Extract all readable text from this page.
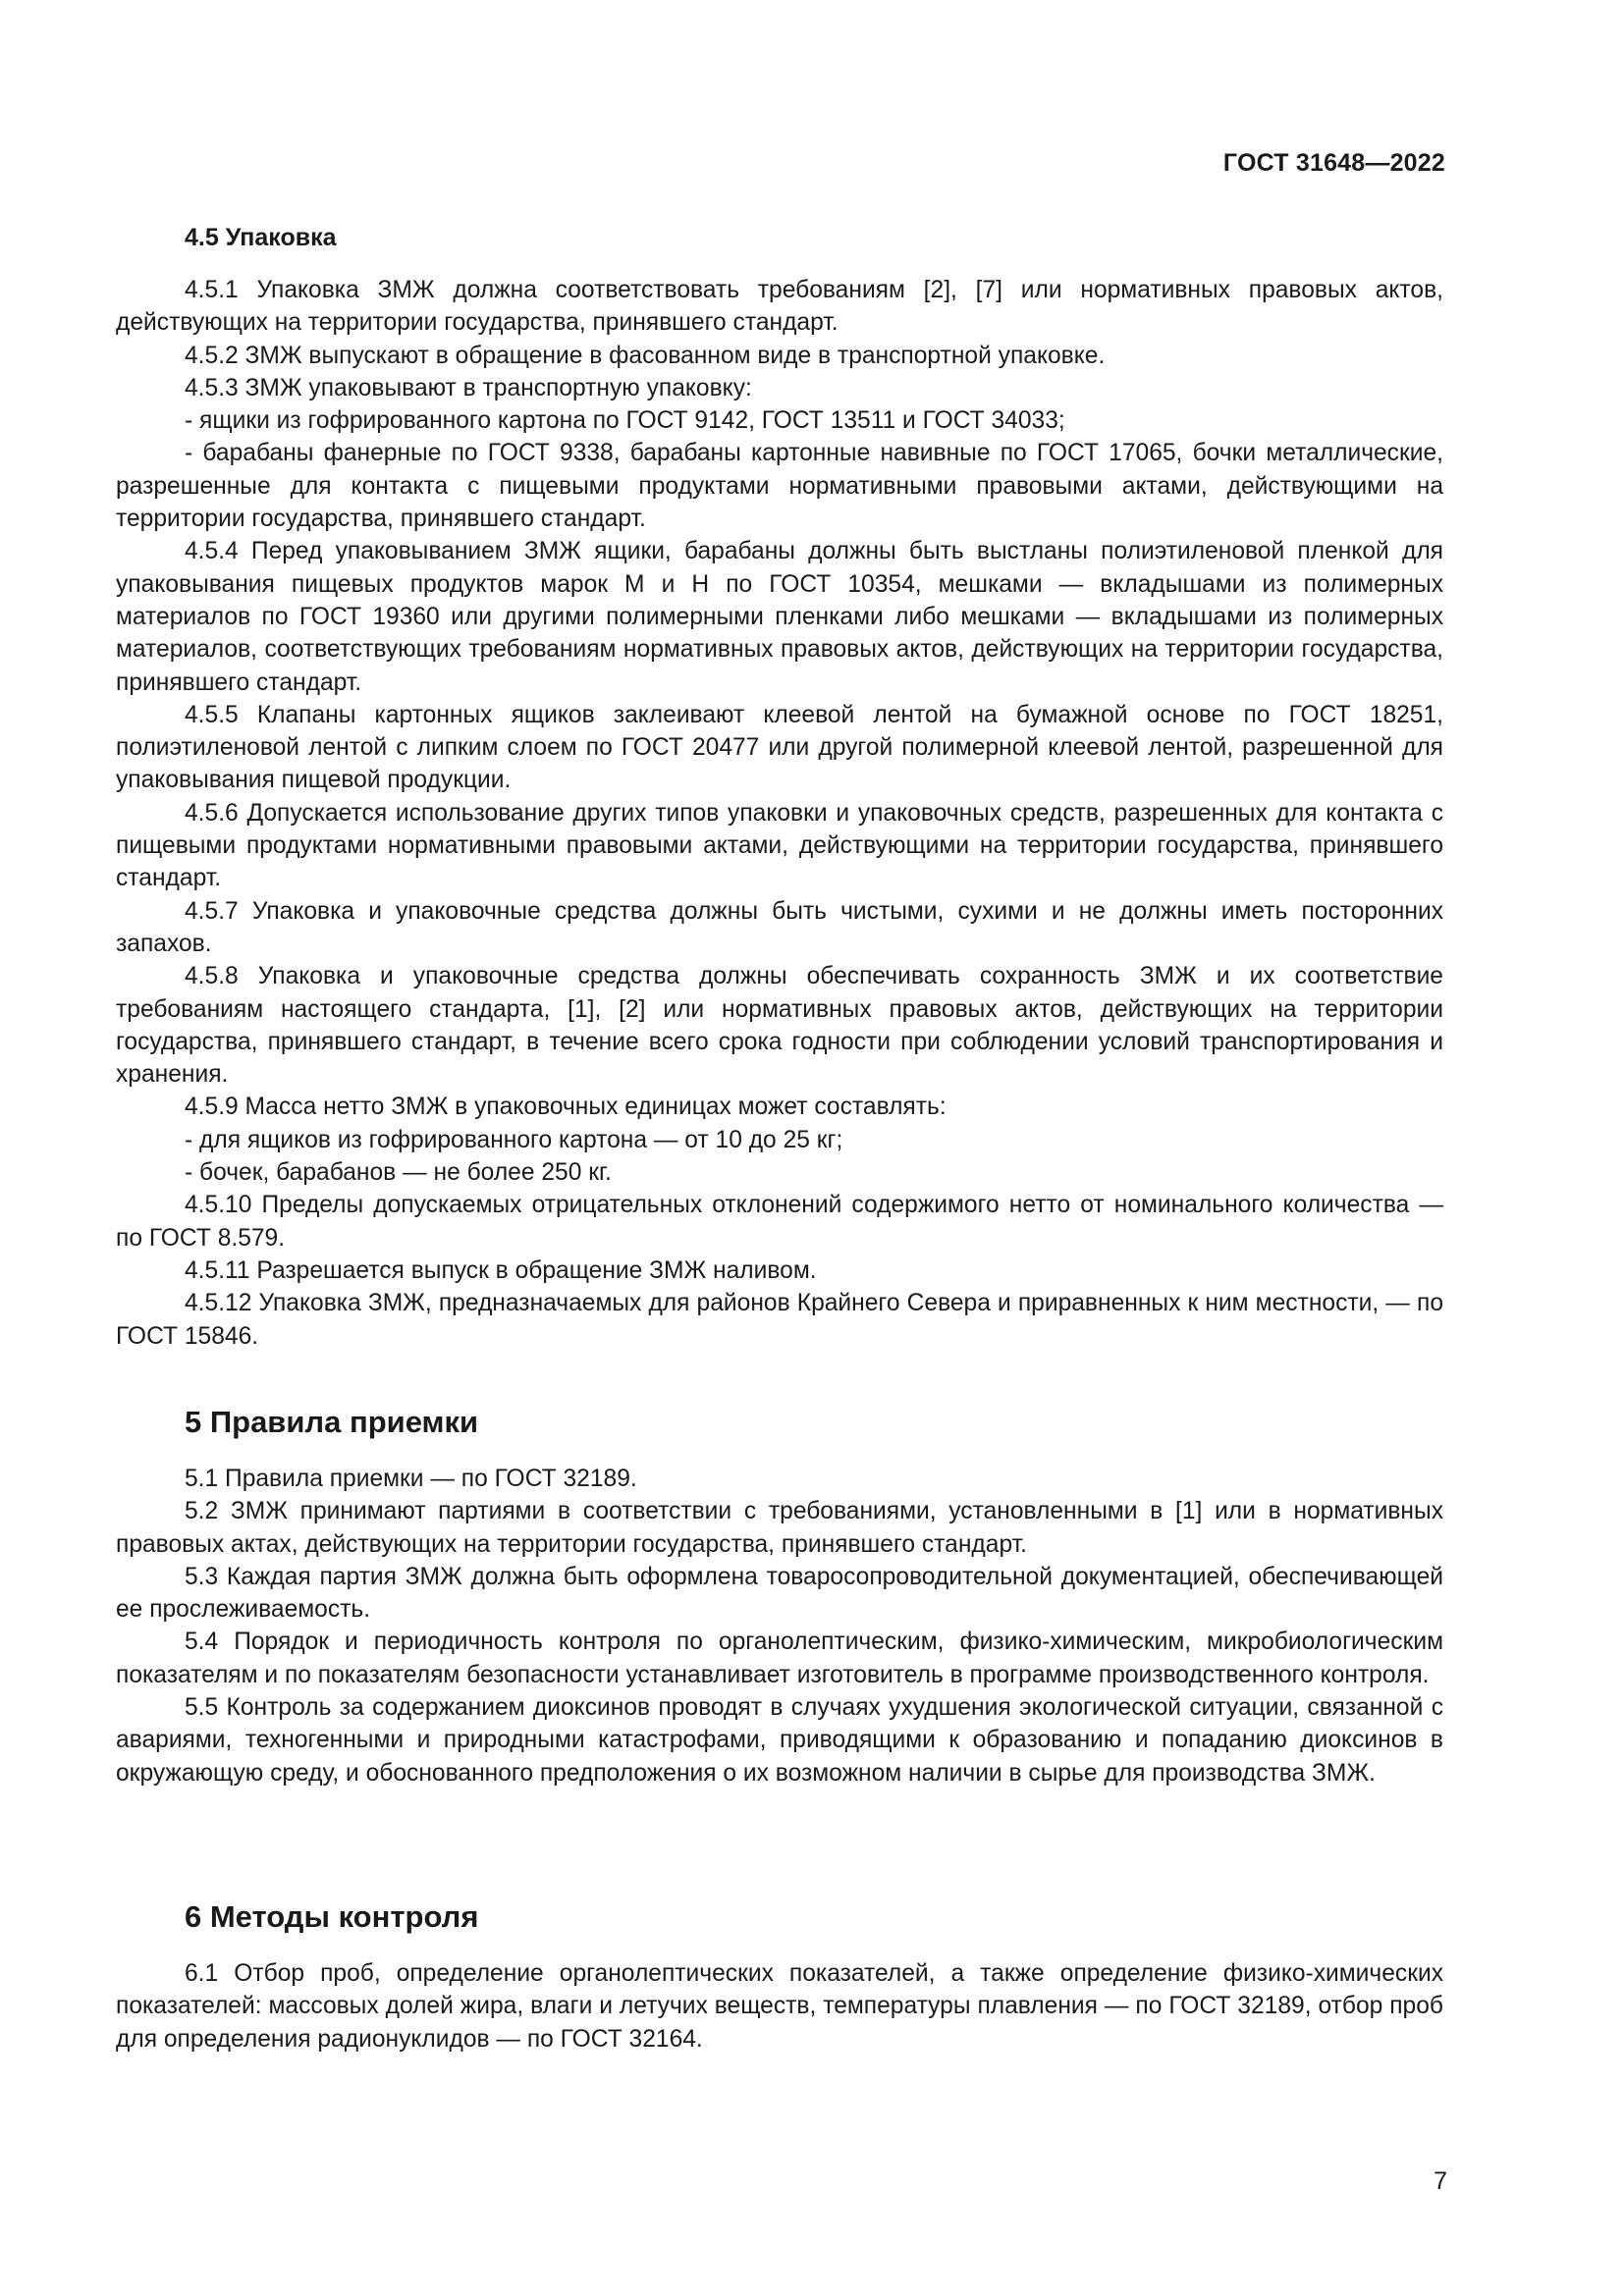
ГОСТ 31648—2022
4.5 Упаковка

4.5.1 Упаковка ЗМЖ должна соответствовать требованиям [2], [7] или нормативных правовых актов, действующих на территории государства, принявшего стандарт.

4.5.2 ЗМЖ выпускают в обращение в фасованном виде в транспортной упаковке.

4.5.3 ЗМЖ упаковывают в транспортную упаковку:

- ящики из гофрированного картона по ГОСТ 9142, ГОСТ 13511 и ГОСТ 34033;

- барабаны фанерные по ГОСТ 9338, барабаны картонные навивные по ГОСТ 17065, бочки металлические, разрешенные для контакта с пищевыми продуктами нормативными правовыми актами, действующими на территории государства, принявшего стандарт.

4.5.4 Перед упаковыванием ЗМЖ ящики, барабаны должны быть выстланы полиэтиленовой пленкой для упаковывания пищевых продуктов марок М и Н по ГОСТ 10354, мешками — вкладышами из полимерных материалов по ГОСТ 19360 или другими полимерными пленками либо мешками — вкладышами из полимерных материалов, соответствующих требованиям нормативных правовых актов, действующих на территории государства, принявшего стандарт.

4.5.5 Клапаны картонных ящиков заклеивают клеевой лентой на бумажной основе по ГОСТ 18251, полиэтиленовой лентой с липким слоем по ГОСТ 20477 или другой полимерной клеевой лентой, разрешенной для упаковывания пищевой продукции.

4.5.6 Допускается использование других типов упаковки и упаковочных средств, разрешенных для контакта с пищевыми продуктами нормативными правовыми актами, действующими на территории государства, принявшего стандарт.

4.5.7 Упаковка и упаковочные средства должны быть чистыми, сухими и не должны иметь посторонних запахов.

4.5.8 Упаковка и упаковочные средства должны обеспечивать сохранность ЗМЖ и их соответствие требованиям настоящего стандарта, [1], [2] или нормативных правовых актов, действующих на территории государства, принявшего стандарт, в течение всего срока годности при соблюдении условий транспортирования и хранения.

4.5.9 Масса нетто ЗМЖ в упаковочных единицах может составлять:

- для ящиков из гофрированного картона — от 10 до 25 кг;

- бочек, барабанов — не более 250 кг.

4.5.10 Пределы допускаемых отрицательных отклонений содержимого нетто от номинального количества — по ГОСТ 8.579.

4.5.11 Разрешается выпуск в обращение ЗМЖ наливом.

4.5.12 Упаковка ЗМЖ, предназначаемых для районов Крайнего Севера и приравненных к ним местности, — по ГОСТ 15846.

5 Правила приемки

5.1 Правила приемки — по ГОСТ 32189.

5.2 ЗМЖ принимают партиями в соответствии с требованиями, установленными в [1] или в нормативных правовых актах, действующих на территории государства, принявшего стандарт.

5.3 Каждая партия ЗМЖ должна быть оформлена товаросопроводительной документацией, обеспечивающей ее прослеживаемость.

5.4 Порядок и периодичность контроля по органолептическим, физико-химическим, микробиологическим показателям и по показателям безопасности устанавливает изготовитель в программе производственного контроля.

5.5 Контроль за содержанием диоксинов проводят в случаях ухудшения экологической ситуации, связанной с авариями, техногенными и природными катастрофами, приводящими к образованию и попаданию диоксинов в окружающую среду, и обоснованного предположения о их возможном наличии в сырье для производства ЗМЖ.

6 Методы контроля

6.1 Отбор проб, определение органолептических показателей, а также определение физико-химических показателей: массовых долей жира, влаги и летучих веществ, температуры плавления — по ГОСТ 32189, отбор проб для определения радионуклидов — по ГОСТ 32164.

7
